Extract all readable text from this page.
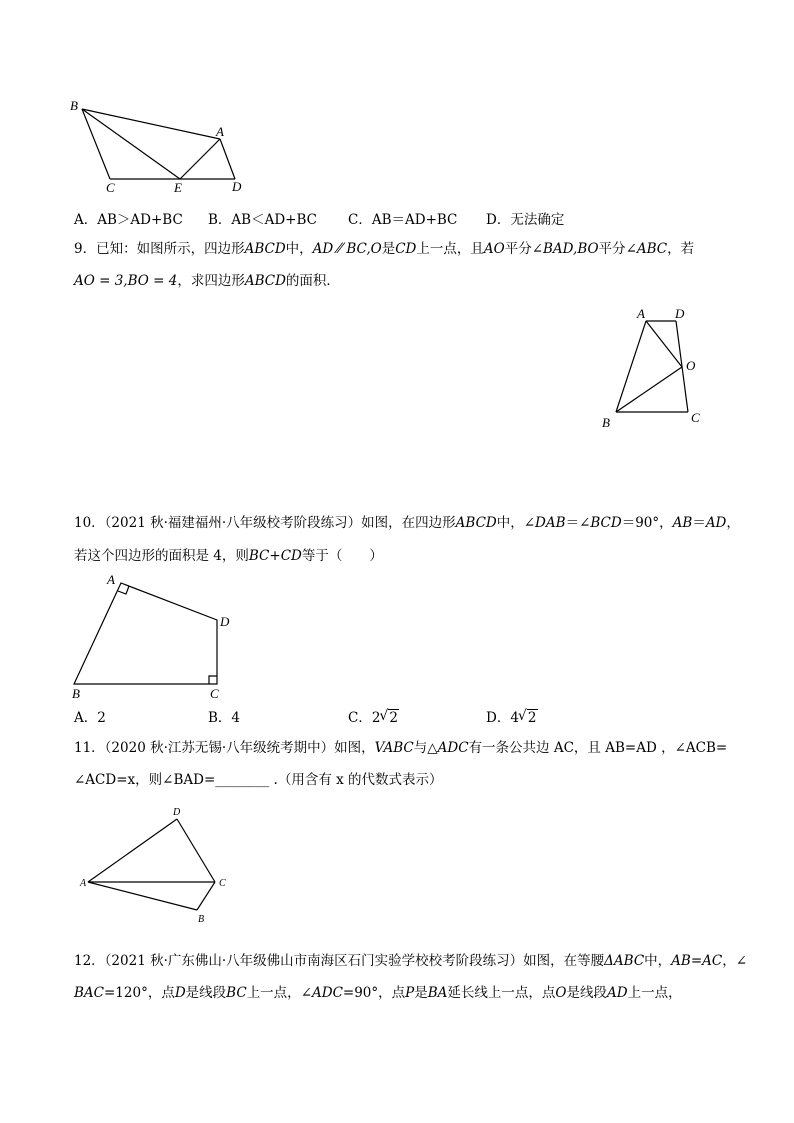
B
A
C	E	D
A．AB＞AD+BC B．AB＜AD+BC C．AB＝AD+BC D．无法确定
9．已知：如图所示，四边形ABCD中，AD ⁄⁄ BC,O是CD上一点，且AO平分∠BAD,BO平分∠ABC，若
AO = 3,BO = 4，求四边形ABCD的面积．
A D
O
B	C
10．（2021 秋·福建福州·八年级校考阶段练习）如图，在四边形ABCD中，∠DAB＝∠BCD＝90°，AB＝AD，
若这个四边形的面积是 4，则BC+CD等于（　　）
A
D
B	C
A．2	B．4	C．2 √ 2	D．4 √ 2
11．（2020 秋·江苏无锡·八年级统考期中）如图，VABC与△ADC有一条公共边 AC，且 AB=AD ，∠ACB=
∠ACD=x，则∠BAD=________ .（用含有 x 的代数式表示）
D
A	C
B
12．（2021 秋·广东佛山·八年级佛山市南海区石门实验学校校考阶段练习）如图，在等腰ΔABC中，AB=AC，∠
BAC=120°，点D是线段BC上一点，∠ADC=90°，点P是BA延长线上一点，点O是线段AD上一点，
